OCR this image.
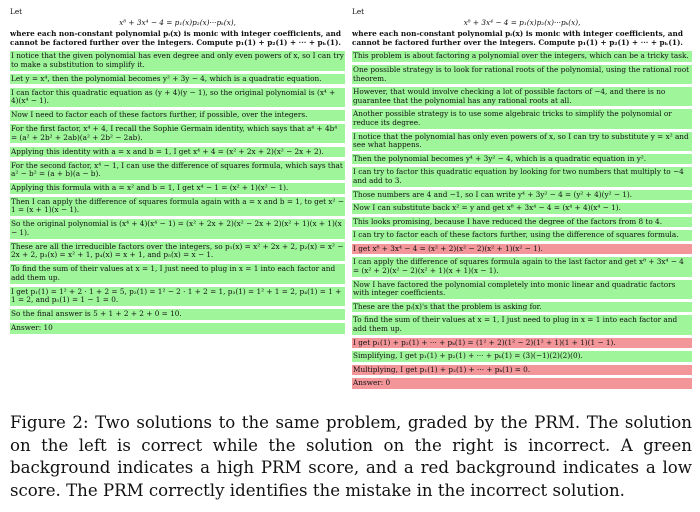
Let
x⁸ + 3x⁴ − 4 = p₁(x)p₂(x)···pₖ(x),
where each non-constant polynomial pᵢ(x) is monic with integer coefficients, and cannot be factored further over the integers. Compute p₁(1) + p₂(1) + ··· + pₖ(1).
I notice that the given polynomial has even degree and only even powers of x, so I can try to make a substitution to simplify it.
Let y = x⁴, then the polynomial becomes y² + 3y − 4, which is a quadratic equation.
I can factor this quadratic equation as (y + 4)(y − 1), so the original polynomial is (x⁴ + 4)(x⁴ − 1).
Now I need to factor each of these factors further, if possible, over the integers.
For the first factor, x⁴ + 4, I recall the Sophie Germain identity, which says that a⁴ + 4b⁴ = (a² + 2b² + 2ab)(a² + 2b² − 2ab).
Applying this identity with a = x and b = 1, I get x⁴ + 4 = (x² + 2x + 2)(x² − 2x + 2).
For the second factor, x⁴ − 1, I can use the difference of squares formula, which says that a² − b² = (a + b)(a − b).
Applying this formula with a = x² and b = 1, I get x⁴ − 1 = (x² + 1)(x² − 1).
Then I can apply the difference of squares formula again with a = x and b = 1, to get x² − 1 = (x + 1)(x − 1).
So the original polynomial is (x⁴ + 4)(x⁴ − 1) = (x² + 2x + 2)(x² − 2x + 2)(x² + 1)(x + 1)(x − 1).
These are all the irreducible factors over the integers, so p₁(x) = x² + 2x + 2, p₂(x) = x² − 2x + 2, p₃(x) = x² + 1, p₄(x) = x + 1, and p₅(x) = x − 1.
To find the sum of their values at x = 1, I just need to plug in x = 1 into each factor and add them up.
I get p₁(1) = 1² + 2 · 1 + 2 = 5, p₂(1) = 1² − 2 · 1 + 2 = 1, p₃(1) = 1² + 1 = 2, p₄(1) = 1 + 1 = 2, and p₅(1) = 1 − 1 = 0.
So the final answer is 5 + 1 + 2 + 2 + 0 = 10.
Answer: 10
Let
x⁸ + 3x⁴ − 4 = p₁(x)p₂(x)···pₖ(x),
where each non-constant polynomial pᵢ(x) is monic with integer coefficients, and cannot be factored further over the integers. Compute p₁(1) + p₂(1) + ··· + pₖ(1).
This problem is about factoring a polynomial over the integers, which can be a tricky task.
One possible strategy is to look for rational roots of the polynomial, using the rational root theorem.
However, that would involve checking a lot of possible factors of −4, and there is no guarantee that the polynomial has any rational roots at all.
Another possible strategy is to use some algebraic tricks to simplify the polynomial or reduce its degree.
I notice that the polynomial has only even powers of x, so I can try to substitute y = x² and see what happens.
Then the polynomial becomes y⁴ + 3y² − 4, which is a quadratic equation in y².
I can try to factor this quadratic equation by looking for two numbers that multiply to −4 and add to 3.
Those numbers are 4 and −1, so I can write y⁴ + 3y² − 4 = (y² + 4)(y² − 1).
Now I can substitute back x² = y and get x⁸ + 3x⁴ − 4 = (x⁴ + 4)(x⁴ − 1).
This looks promising, because I have reduced the degree of the factors from 8 to 4.
I can try to factor each of these factors further, using the difference of squares formula.
I get x⁸ + 3x⁴ − 4 = (x² + 2)(x² − 2)(x² + 1)(x² − 1).
I can apply the difference of squares formula again to the last factor and get x⁸ + 3x⁴ − 4 = (x² + 2)(x² − 2)(x² + 1)(x + 1)(x − 1).
Now I have factored the polynomial completely into monic linear and quadratic factors with integer coefficients.
These are the pᵢ(x)'s that the problem is asking for.
To find the sum of their values at x = 1, I just need to plug in x = 1 into each factor and add them up.
I get p₁(1) + p₂(1) + ··· + pₖ(1) = (1² + 2)(1² − 2)(1² + 1)(1 + 1)(1 − 1).
Simplifying, I get p₁(1) + p₂(1) + ··· + pₖ(1) = (3)(−1)(2)(2)(0).
Multiplying, I get p₁(1) + p₂(1) + ··· + pₖ(1) = 0.
Answer: 0
Figure 2: Two solutions to the same problem, graded by the PRM. The solution on the left is correct while the solution on the right is incorrect. A green background indicates a high PRM score, and a red background indicates a low score. The PRM correctly identifies the mistake in the incorrect solution.
